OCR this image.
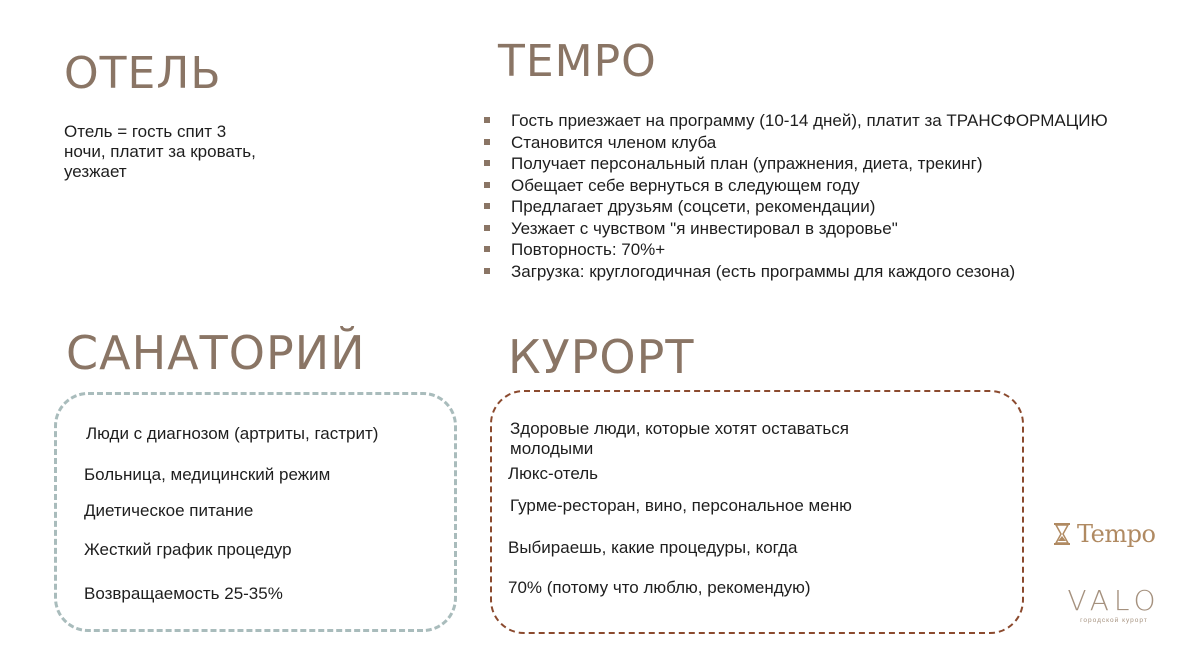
ОТЕЛЬ
Отель = гость спит 3
ночи, платит за кровать,
уезжает
TEMPO
Гость приезжает на программу (10-14 дней), платит за ТРАНСФОРМАЦИЮ
Становится членом клуба
Получает персональный план (упражнения, диета, трекинг)
Обещает себе вернуться в следующем году
Предлагает друзьям (соцсети, рекомендации)
Уезжает с чувством "я инвестировал в здоровье"
Повторность: 70%+
Загрузка: круглогодичная (есть программы для каждого сезона)
САНАТОРИЙ
Люди с диагнозом (артриты, гастрит)
Больница, медицинский режим
Диетическое питание
Жесткий график процедур
Возвращаемость 25-35%
КУРОРТ
Здоровые люди, которые хотят оставаться молодыми
Люкс-отель
Гурме-ресторан, вино, персональное меню
Выбираешь, какие процедуры, когда
70% (потому что люблю, рекомендую)
Tempo
VALO
городской курорт
